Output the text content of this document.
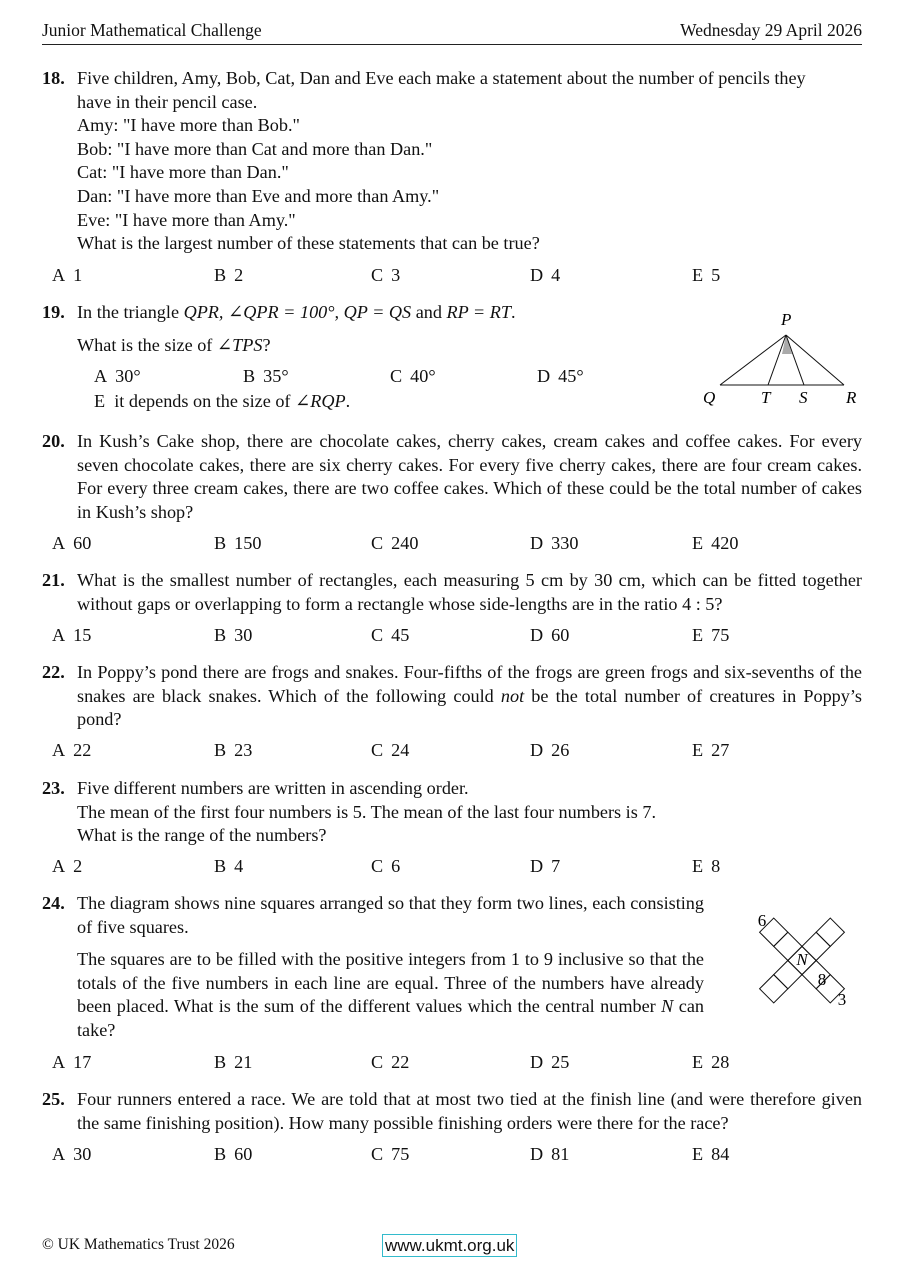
Junior Mathematical Challenge	Wednesday 29 April 2026
18. Five children, Amy, Bob, Cat, Dan and Eve each make a statement about the number of pencils they
have in their pencil case.
Amy: "I have more than Bob."
Bob: "I have more than Cat and more than Dan."
Cat: "I have more than Dan."
Dan: "I have more than Eve and more than Amy."
Eve: "I have more than Amy."
What is the largest number of these statements that can be true?
A 1	B 2	C 3	D 4	E 5
19. In the triangle QPR, ∠QPR = 100°, QP = QS and RP = RT.
What is the size of ∠TPS?
A 30°	B 35°	C 40°	D 45°
E it depends on the size of ∠RQP.
P
Q	T S R
20. In Kush’s Cake shop, there are chocolate cakes, cherry cakes, cream cakes and coffee cakes. For every seven chocolate cakes, there are six cherry cakes. For every five cherry cakes, there are four cream cakes. For every three cream cakes, there are two coffee cakes. Which of these could be the total number of cakes in Kush’s shop?
A 60	B 150	C 240	D 330	E 420
21. What is the smallest number of rectangles, each measuring 5 cm by 30 cm, which can be fitted together without gaps or overlapping to form a rectangle whose side-lengths are in the ratio 4 : 5?
A 15	B 30	C 45	D 60	E 75
22. In Poppy’s pond there are frogs and snakes. Four-fifths of the frogs are green frogs and six-sevenths of the snakes are black snakes. Which of the following could not be the total number of creatures in Poppy’s pond?
A 22	B 23	C 24	D 26	E 27
23. Five different numbers are written in ascending order.
The mean of the first four numbers is 5. The mean of the last four numbers is 7.
What is the range of the numbers?
A 2	B 4	C 6	D 7	E 8
24. The diagram shows nine squares arranged so that they form two lines, each consisting of five squares.
The squares are to be filled with the positive integers from 1 to 9 inclusive so that the totals of the five numbers in each line are equal. Three of the numbers have already been placed. What is the sum of the different values which the central number N can take?
A 17	B 21	C 22	D 25	E 28
6
N
8
3
25. Four runners entered a race. We are told that at most two tied at the finish line (and were therefore given the same finishing position). How many possible finishing orders were there for the race?
A 30	B 60	C 75	D 81	E 84
© UK Mathematics Trust 2026	www.ukmt.org.uk
